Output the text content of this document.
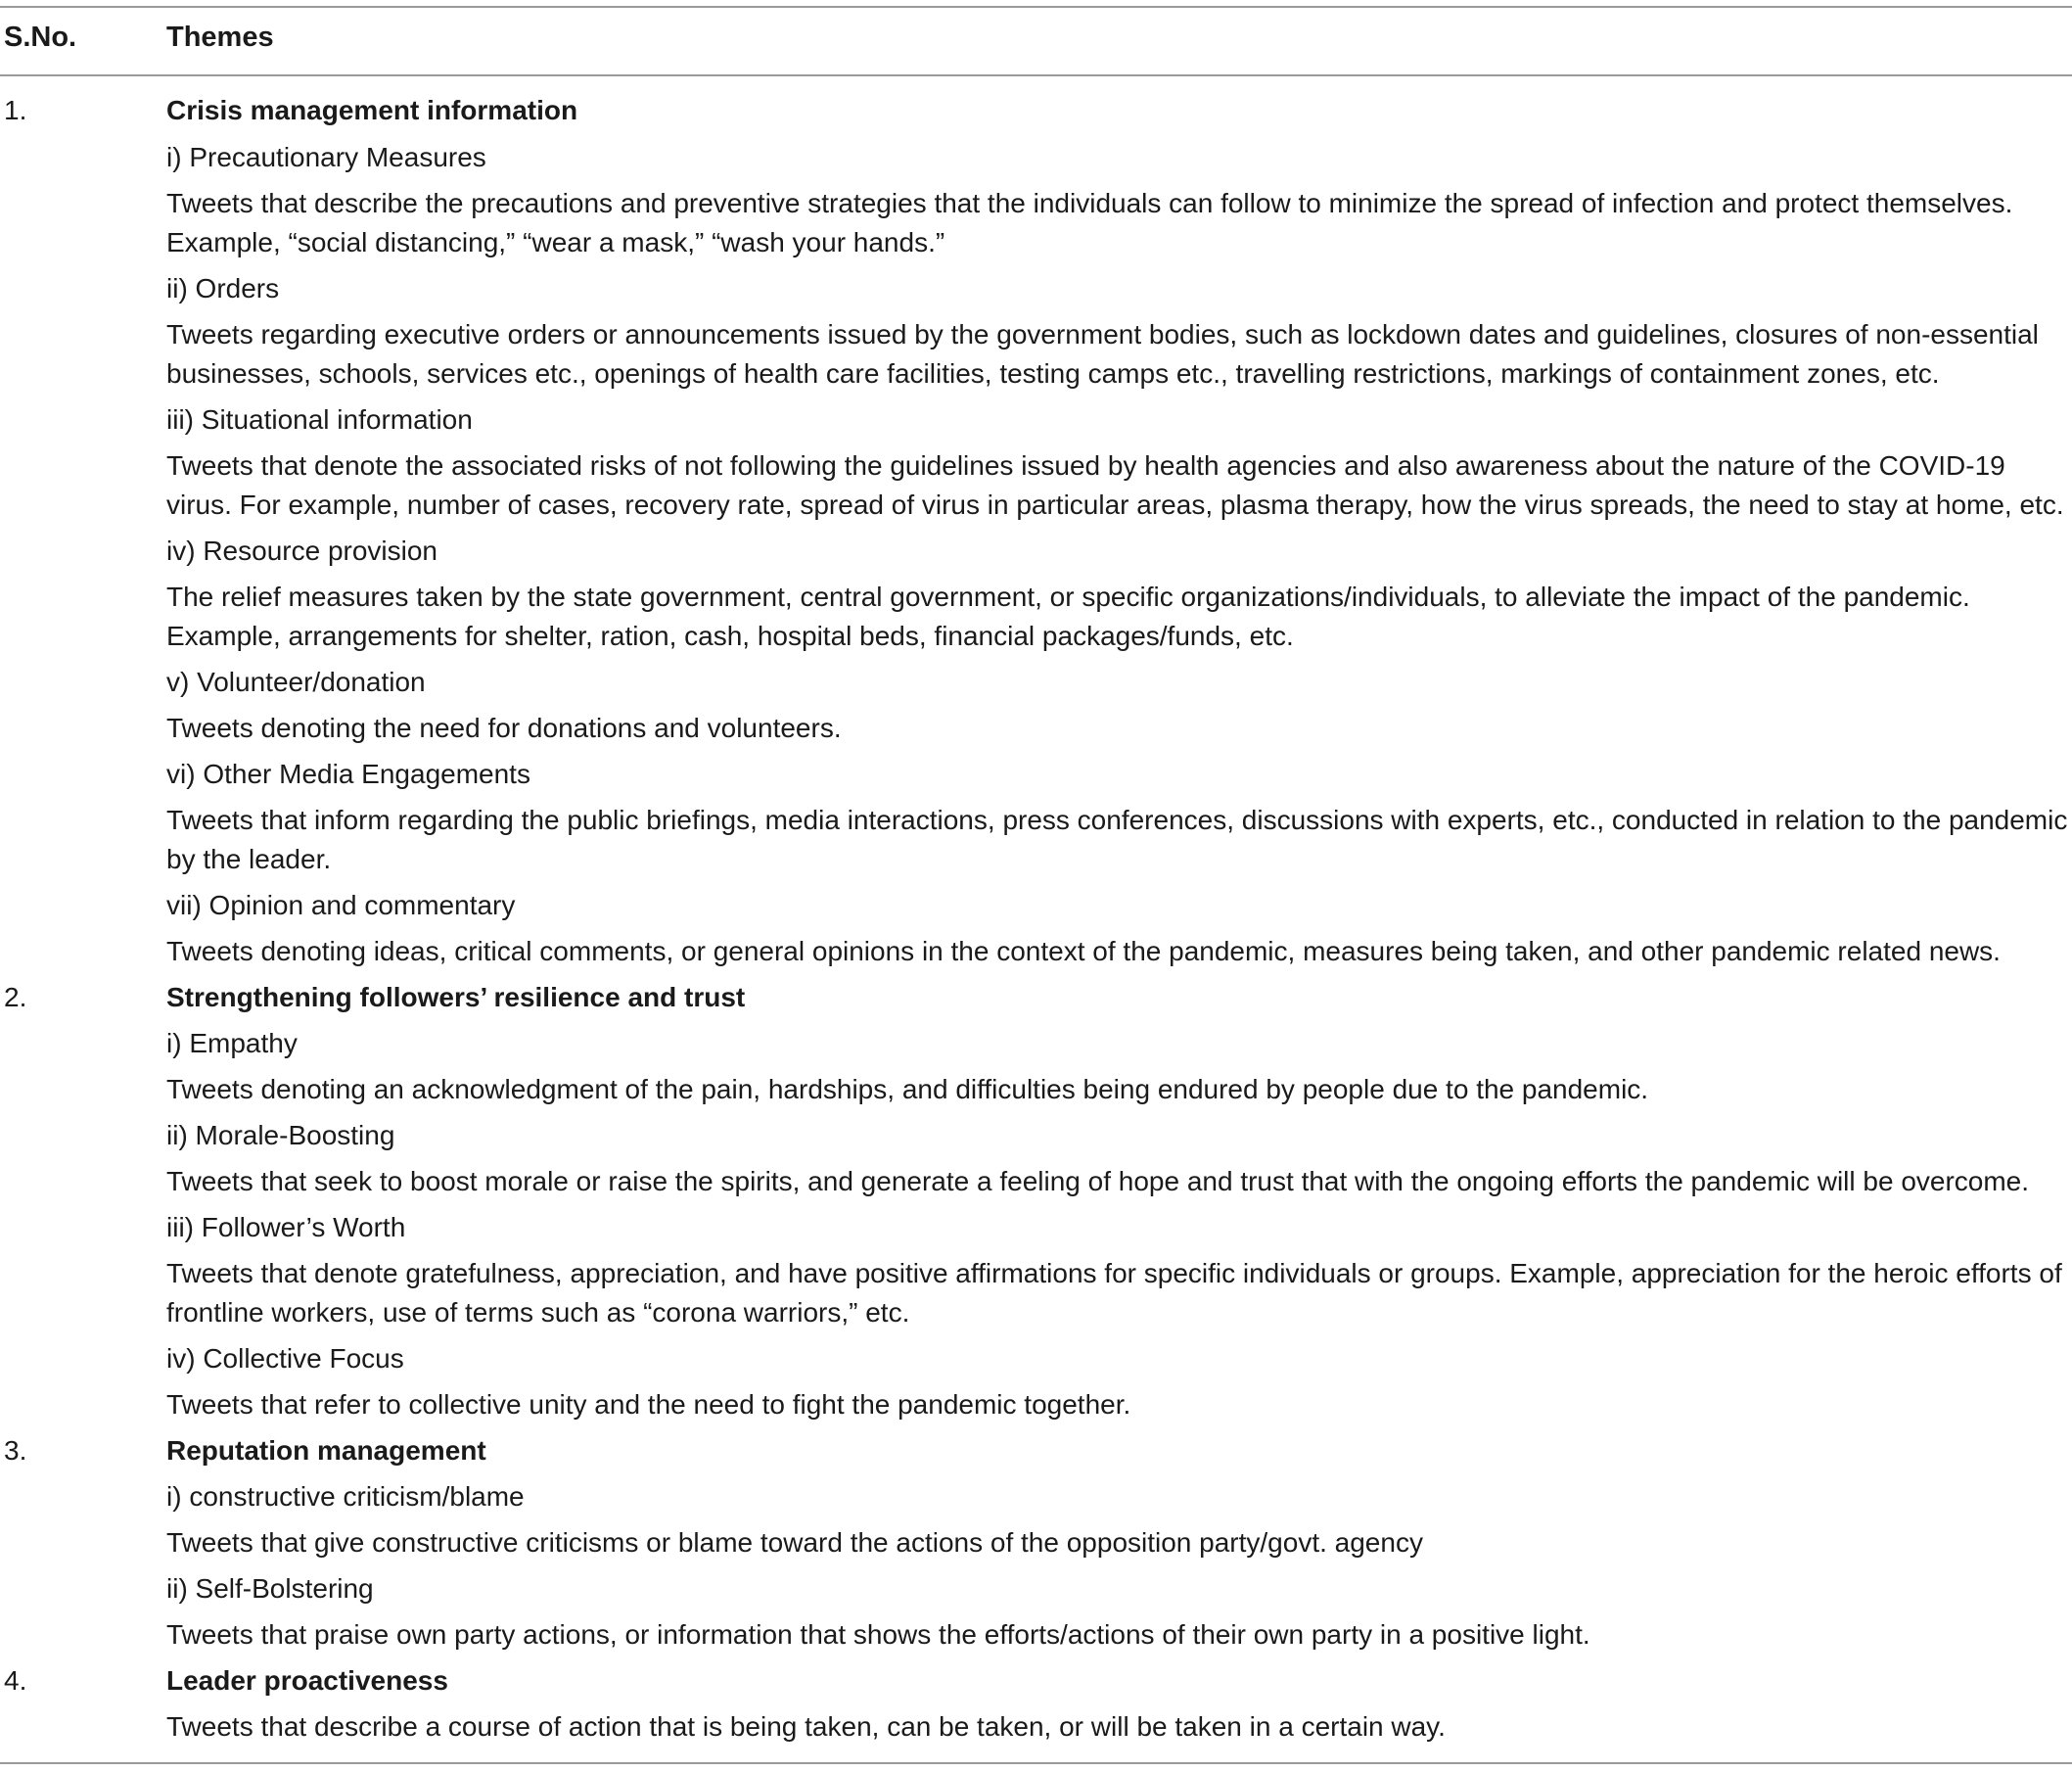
S.No.	Themes
1.	Crisis management information
i) Precautionary Measures
Tweets that describe the precautions and preventive strategies that the individuals can follow to minimize the spread of infection and protect themselves. Example, “social distancing,” “wear a mask,” “wash your hands.”
ii) Orders
Tweets regarding executive orders or announcements issued by the government bodies, such as lockdown dates and guidelines, closures of non-essential businesses, schools, services etc., openings of health care facilities, testing camps etc., travelling restrictions, markings of containment zones, etc.
iii) Situational information
Tweets that denote the associated risks of not following the guidelines issued by health agencies and also awareness about the nature of the COVID-19 virus. For example, number of cases, recovery rate, spread of virus in particular areas, plasma therapy, how the virus spreads, the need to stay at home, etc.
iv) Resource provision
The relief measures taken by the state government, central government, or specific organizations/individuals, to alleviate the impact of the pandemic. Example, arrangements for shelter, ration, cash, hospital beds, financial packages/funds, etc.
v) Volunteer/donation
Tweets denoting the need for donations and volunteers.
vi) Other Media Engagements
Tweets that inform regarding the public briefings, media interactions, press conferences, discussions with experts, etc., conducted in relation to the pandemic by the leader.
vii) Opinion and commentary
Tweets denoting ideas, critical comments, or general opinions in the context of the pandemic, measures being taken, and other pandemic related news.
2.	Strengthening followers’ resilience and trust
i) Empathy
Tweets denoting an acknowledgment of the pain, hardships, and difficulties being endured by people due to the pandemic.
ii) Morale-Boosting
Tweets that seek to boost morale or raise the spirits, and generate a feeling of hope and trust that with the ongoing efforts the pandemic will be overcome.
iii) Follower’s Worth
Tweets that denote gratefulness, appreciation, and have positive affirmations for specific individuals or groups. Example, appreciation for the heroic efforts of frontline workers, use of terms such as “corona warriors,” etc.
iv) Collective Focus
Tweets that refer to collective unity and the need to fight the pandemic together.
3.	Reputation management
i) constructive criticism/blame
Tweets that give constructive criticisms or blame toward the actions of the opposition party/govt. agency
ii) Self-Bolstering
Tweets that praise own party actions, or information that shows the efforts/actions of their own party in a positive light.
4.	Leader proactiveness
Tweets that describe a course of action that is being taken, can be taken, or will be taken in a certain way.
